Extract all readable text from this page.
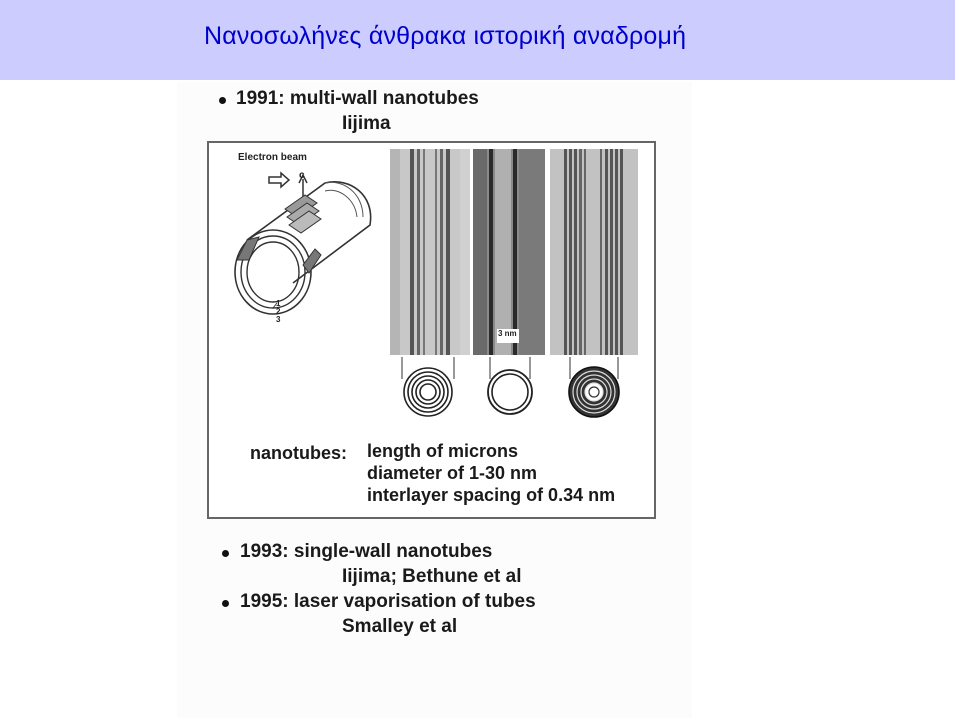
Νανοσωλήνες άνθρακα ιστορική αναδρομή
1991: multi-wall nanotubes
Iijima
Electron beam
c
1
2
3
3 nm
nanotubes: length of microns
diameter of 1-30 nm
interlayer spacing of 0.34 nm
1993: single-wall nanotubes
Iijima; Bethune et al
1995: laser vaporisation of tubes
Smalley et al
